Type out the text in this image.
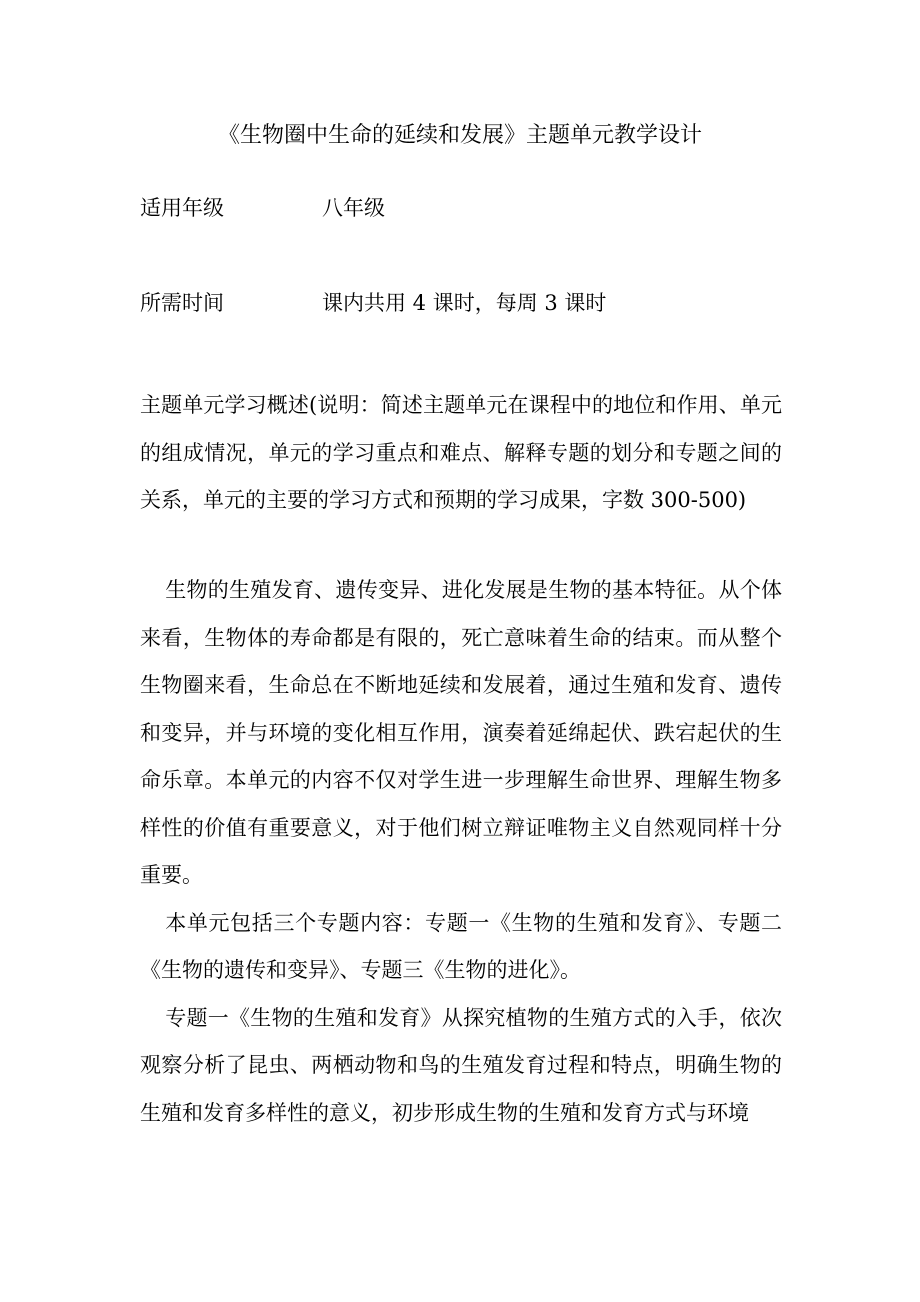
《生物圈中生命的延续和发展》主题单元教学设计
适用年级	八年级
所需时间	课内共用 4 课时，每周 3 课时

主题单元学习概述(说明：简述主题单元在课程中的地位和作用、单元的组成情况，单元的学习重点和难点、解释专题的划分和专题之间的关系，单元的主要的学习方式和预期的学习成果，字数 300-500)

生物的生殖发育、遗传变异、进化发展是生物的基本特征。从个体来看，生物体的寿命都是有限的，死亡意味着生命的结束。而从整个生物圈来看，生命总在不断地延续和发展着，通过生殖和发育、遗传和变异，并与环境的变化相互作用，演奏着延绵起伏、跌宕起伏的生命乐章。本单元的内容不仅对学生进一步理解生命世界、理解生物多样性的价值有重要意义，对于他们树立辩证唯物主义自然观同样十分重要。

本单元包括三个专题内容：专题一《生物的生殖和发育》、专题二《生物的遗传和变异》、专题三《生物的进化》。

专题一《生物的生殖和发育》从探究植物的生殖方式的入手，依次观察分析了昆虫、两栖动物和鸟的生殖发育过程和特点，明确生物的生殖和发育多样性的意义，初步形成生物的生殖和发育方式与环境
